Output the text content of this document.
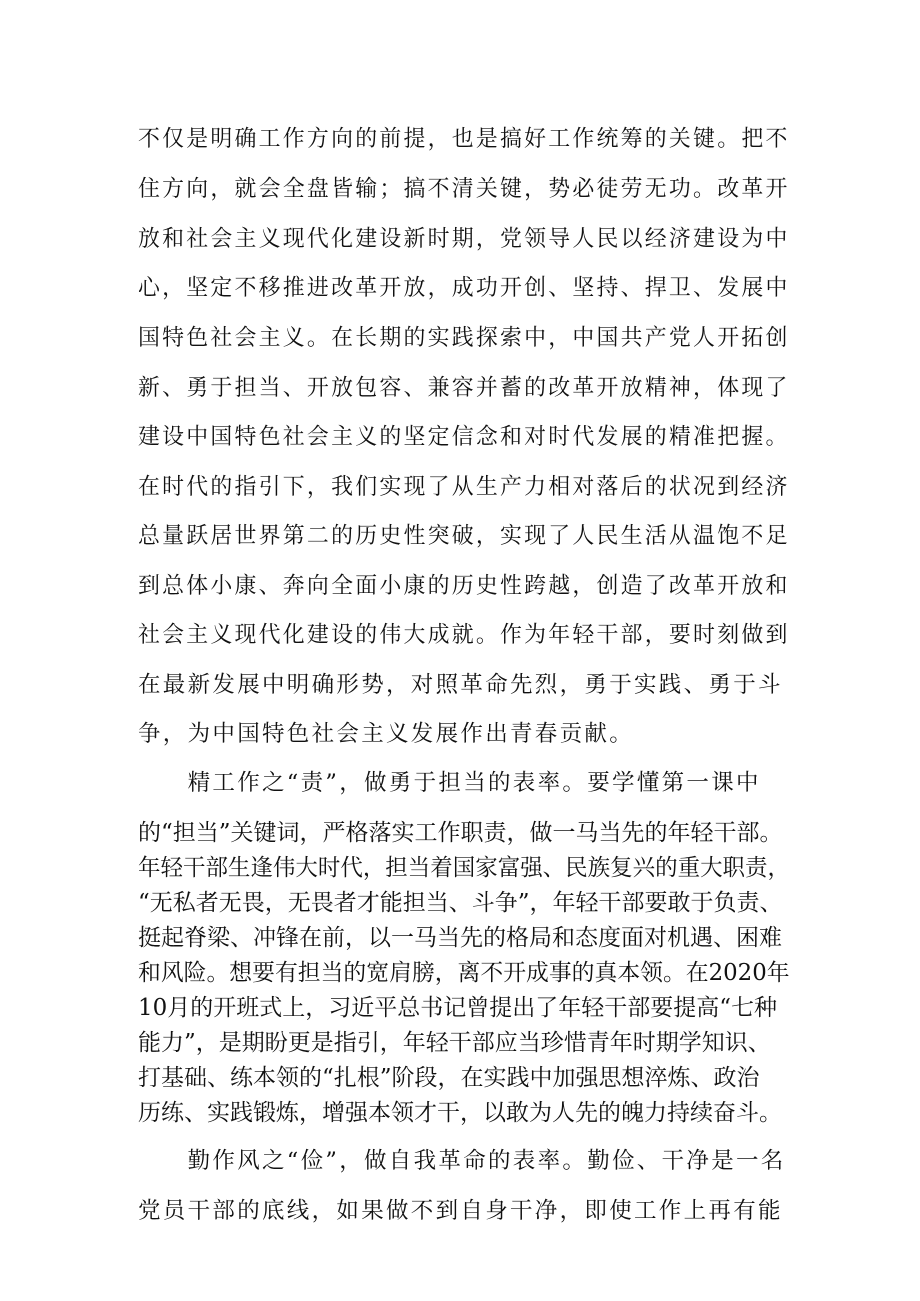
不仅是明确工作方向的前提，也是搞好工作统筹的关键。把不
住方向，就会全盘皆输；搞不清关键，势必徒劳无功。改革开
放和社会主义现代化建设新时期，党领导人民以经济建设为中
心，坚定不移推进改革开放，成功开创、坚持、捍卫、发展中
国特色社会主义。在长期的实践探索中，中国共产党人开拓创
新、勇于担当、开放包容、兼容并蓄的改革开放精神，体现了
建设中国特色社会主义的坚定信念和对时代发展的精准把握。
在时代的指引下，我们实现了从生产力相对落后的状况到经济
总量跃居世界第二的历史性突破，实现了人民生活从温饱不足
到总体小康、奔向全面小康的历史性跨越，创造了改革开放和
社会主义现代化建设的伟大成就。作为年轻干部，要时刻做到
在最新发展中明确形势，对照革命先烈，勇于实践、勇于斗
争，为中国特色社会主义发展作出青春贡献。
　　精工作之“责”，做勇于担当的表率。要学懂第一课中
的“担当”关键词，严格落实工作职责，做一马当先的年轻干部。
年轻干部生逢伟大时代，担当着国家富强、民族复兴的重大职责，
“无私者无畏，无畏者才能担当、斗争”，年轻干部要敢于负责、
挺起脊梁、冲锋在前，以一马当先的格局和态度面对机遇、困难
和风险。想要有担当的宽肩膀，离不开成事的真本领。在2020年
10月的开班式上，习近平总书记曾提出了年轻干部要提高“七种
能力”，是期盼更是指引，年轻干部应当珍惜青年时期学知识、
打基础、练本领的“扎根”阶段，在实践中加强思想淬炼、政治
历练、实践锻炼，增强本领才干，以敢为人先的魄力持续奋斗。
　　勤作风之“俭”，做自我革命的表率。勤俭、干净是一名
党员干部的底线，如果做不到自身干净，即使工作上再有能
